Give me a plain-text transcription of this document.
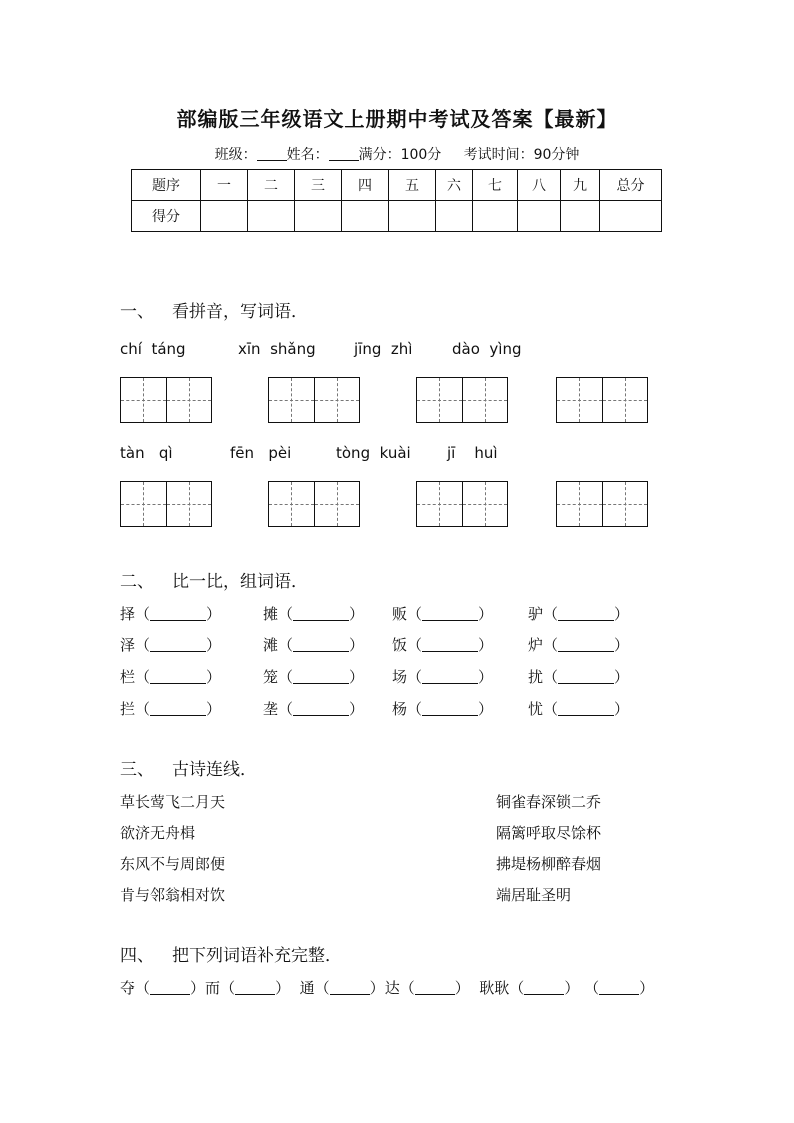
部编版三年级语文上册期中考试及答案【最新】
班级： 姓名： 满分：100分 考试时间：90分钟
题序	一	二	三	四	五	六	七	八	九	总分
得分										
一、 看拼音，写词语．
chí  táng	xīn  shǎng	jīng  zhì	dào  yìng
tàn   qì	fēn   pèi	tòng  kuài jī    huì
二、 比一比，组词语．
择（	）	摊（	） 贩（	） 驴（	）
泽（	）	滩（	） 饭（	） 炉（	）
栏（	）	笼（	） 场（	） 扰（	）
拦（	）	垄（	） 杨（	） 忧（	）
三、 古诗连线．
草长莺飞二月天
欲济无舟楫
东风不与周郎便
肯与邻翁相对饮
铜雀春深锁二乔
隔篱呼取尽馀杯
拂堤杨柳醉春烟
端居耻圣明
四、 把下列词语补充完整．
夺（	）而（	） 通（	）达（	） 耿耿（	） （	）
